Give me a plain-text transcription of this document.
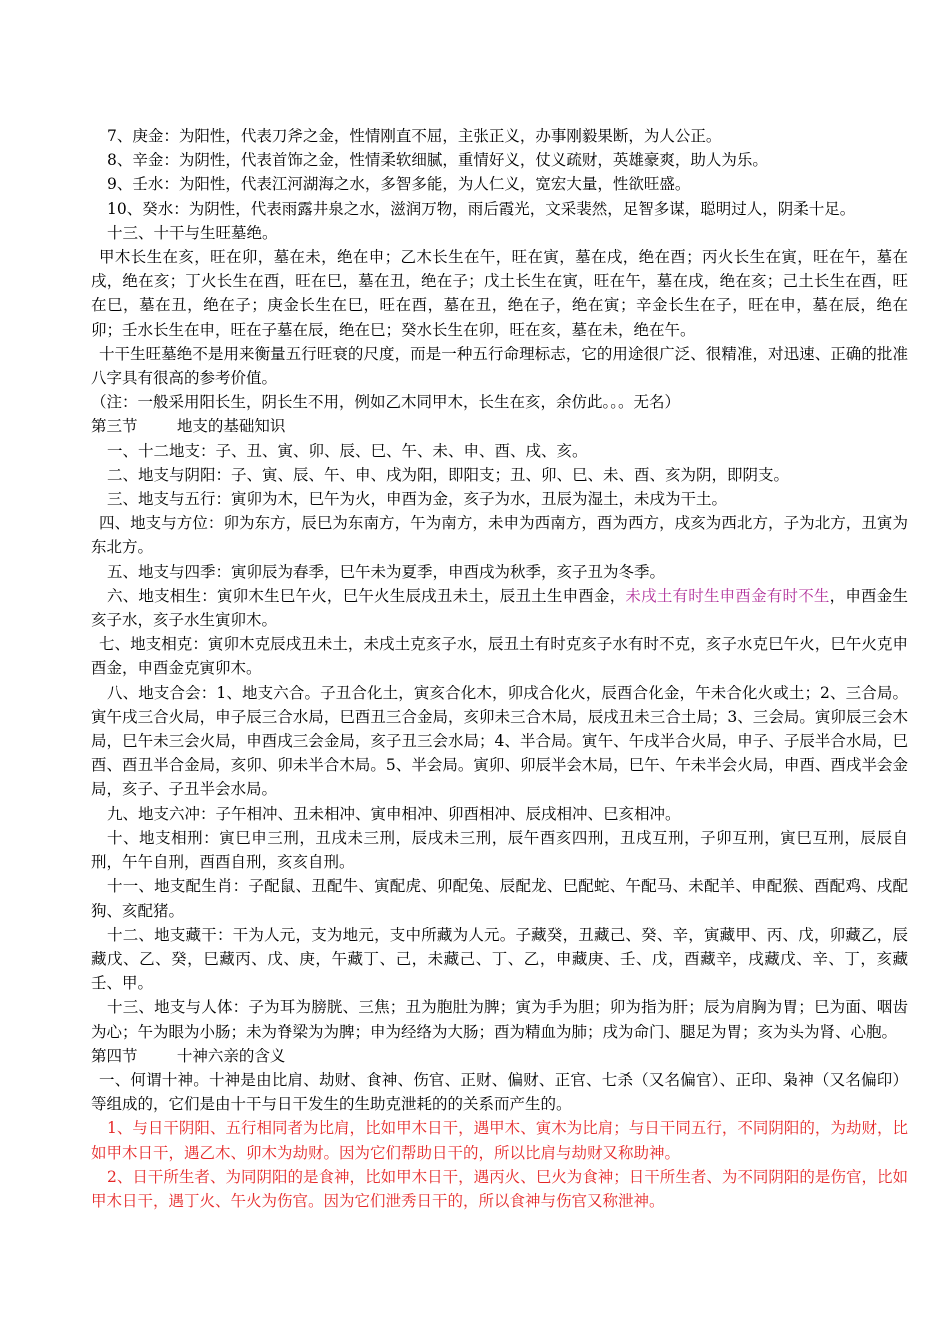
7、庚金：为阳性，代表刀斧之金，性情刚直不屈，主张正义，办事刚毅果断，为人公正。

8、辛金：为阴性，代表首饰之金，性情柔软细腻，重情好义，仗义疏财，英雄豪爽，助人为乐。

9、壬水：为阳性，代表江河湖海之水，多智多能，为人仁义，宽宏大量，性欲旺盛。

10、癸水：为阴性，代表雨露井泉之水，滋润万物，雨后霞光，文采裴然，足智多谋，聪明过人，阴柔十足。

十三、十干与生旺墓绝。

甲木长生在亥，旺在卯，墓在未，绝在申；乙木长生在午，旺在寅，墓在戌，绝在酉；丙火长生在寅，旺在午，墓在戌，绝在亥；丁火长生在酉，旺在巳，墓在丑，绝在子；戊土长生在寅，旺在午，墓在戌，绝在亥；己土长生在酉，旺在巳，墓在丑，绝在子；庚金长生在巳，旺在酉，墓在丑，绝在子，绝在寅；辛金长生在子，旺在申，墓在辰，绝在卯；壬水长生在申，旺在子墓在辰，绝在巳；癸水长生在卯，旺在亥，墓在未，绝在午。

十干生旺墓绝不是用来衡量五行旺衰的尺度，而是一种五行命理标志，它的用途很广泛、很精准，对迅速、正确的批准八字具有很高的参考价值。

（注：一般采用阳长生，阴长生不用，例如乙木同甲木，长生在亥，余仿此。。。无名）

第三节        地支的基础知识

一、十二地支：子、丑、寅、卯、辰、巳、午、未、申、酉、戌、亥。

二、地支与阴阳：子、寅、辰、午、申、戌为阳，即阳支；丑、卯、巳、未、酉、亥为阴，即阴支。

三、地支与五行：寅卯为木，巳午为火，申酉为金，亥子为水，丑辰为湿土，未戌为干土。

四、地支与方位：卯为东方，辰巳为东南方，午为南方，未申为西南方，酉为西方，戌亥为西北方，子为北方，丑寅为东北方。

五、地支与四季：寅卯辰为春季，巳午未为夏季，申酉戌为秋季，亥子丑为冬季。

六、地支相生：寅卯木生巳午火，巳午火生辰戌丑未土，辰丑土生申酉金，未戌土有时生申酉金有时不生，申酉金生亥子水，亥子水生寅卯木。

七、地支相克：寅卯木克辰戌丑未土，未戌土克亥子水，辰丑土有时克亥子水有时不克，亥子水克巳午火，巳午火克申酉金，申酉金克寅卯木。

八、地支合会：1、地支六合。子丑合化土，寅亥合化木，卯戌合化火，辰酉合化金，午未合化火或土；2、三合局。寅午戌三合火局，申子辰三合水局，巳酉丑三合金局，亥卯未三合木局，辰戌丑未三合土局；3、三会局。寅卯辰三会木局，巳午未三会火局，申酉戌三会金局，亥子丑三会水局；4、半合局。寅午、午戌半合火局，申子、子辰半合水局，巳酉、酉丑半合金局，亥卯、卯未半合木局。5、半会局。寅卯、卯辰半会木局，巳午、午未半会火局，申酉、酉戌半会金局，亥子、子丑半会水局。

九、地支六冲：子午相冲、丑未相冲、寅申相冲、卯酉相冲、辰戌相冲、巳亥相冲。

十、地支相刑：寅巳申三刑，丑戌未三刑，辰戌未三刑，辰午酉亥四刑，丑戌互刑，子卯互刑，寅巳互刑，辰辰自刑，午午自刑，酉酉自刑，亥亥自刑。

十一、地支配生肖：子配鼠、丑配牛、寅配虎、卯配兔、辰配龙、巳配蛇、午配马、未配羊、申配猴、酉配鸡、戌配狗、亥配猪。

十二、地支藏干：干为人元，支为地元，支中所藏为人元。子藏癸，丑藏己、癸、辛，寅藏甲、丙、戊，卯藏乙，辰藏戊、乙、癸，巳藏丙、戊、庚，午藏丁、己，未藏己、丁、乙，申藏庚、壬、戊，酉藏辛，戌藏戊、辛、丁，亥藏壬、甲。

十三、地支与人体：子为耳为膀胱、三焦；丑为胞肚为脾；寅为手为胆；卯为指为肝；辰为肩胸为胃；巳为面、咽齿为心；午为眼为小肠；未为脊梁为为脾；申为经络为大肠；酉为精血为肺；戌为命门、腿足为胃；亥为头为肾、心胞。

第四节        十神六亲的含义

一、何谓十神。十神是由比肩、劫财、食神、伤官、正财、偏财、正官、七杀（又名偏官）、正印、枭神（又名偏印）等组成的，它们是由十干与日干发生的生助克泄耗的的关系而产生的。

1、与日干阴阳、五行相同者为比肩，比如甲木日干，遇甲木、寅木为比肩；与日干同五行，不同阴阳的，为劫财，比如甲木日干，遇乙木、卯木为劫财。因为它们帮助日干的，所以比肩与劫财又称助神。

2、日干所生者、为同阴阳的是食神，比如甲木日干，遇丙火、巳火为食神；日干所生者、为不同阴阳的是伤官，比如甲木日干，遇丁火、午火为伤官。因为它们泄秀日干的，所以食神与伤官又称泄神。
